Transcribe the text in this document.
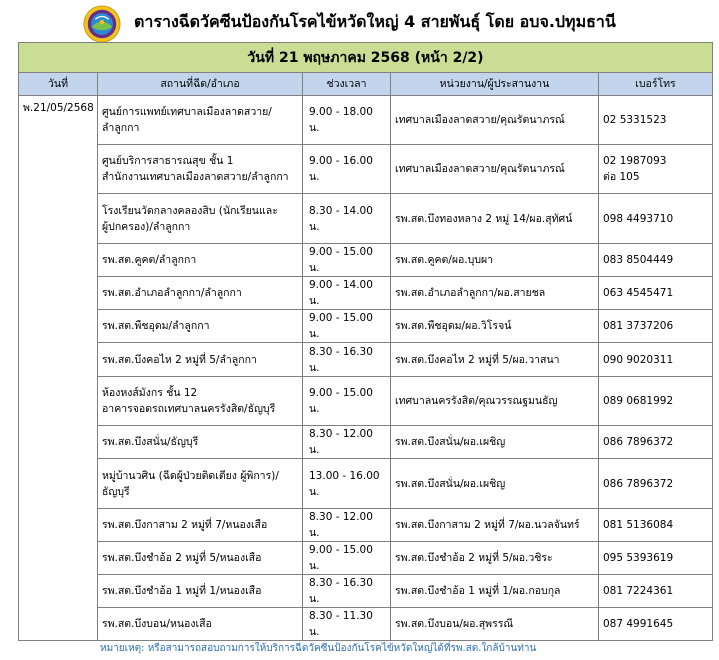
ตารางฉีดวัคซีนป้องกันโรคไข้หวัดใหญ่ 4 สายพันธุ์ โดย อบจ.ปทุมธานี
วันที่ 21 พฤษภาคม 2568 (หน้า 2/2)				
วันที่	สถานที่ฉีด/อำเภอ	ช่วงเวลา	หน่วยงาน/ผู้ประสานงาน	เบอร์โทร
พ.21/05/2568	ศูนย์การแพทย์เทศบาลเมืองลาดสวาย/
ลำลูกกา	9.00 - 18.00 น.	เทศบาลเมืองลาดสวาย/คุณรัตนาภรณ์	02 5331523
	ศูนย์บริการสาธารณสุข ชั้น 1
สำนักงานเทศบาลเมืองลาดสวาย/ลำลูกกา	9.00 - 16.00 น.	เทศบาลเมืองลาดสวาย/คุณรัตนาภรณ์	02 1987093
ต่อ 105
	โรงเรียนวัดกลางคลองสิบ (นักเรียนและ
ผู้ปกครอง)/ลำลูกกา	8.30 - 14.00 น.	รพ.สต.บึงทองหลาง 2 หมู่ 14/ผอ.สุทัศน์	098 4493710
	รพ.สต.คูคต/ลำลูกกา	9.00 - 15.00 น.	รพ.สต.คูคต/ผอ.บุบผา	083 8504449
	รพ.สต.อำเภอลำลูกกา/ลำลูกกา	9.00 - 14.00 น.	รพ.สต.อำเภอลำลูกกา/ผอ.สายชล	063 4545471
	รพ.สต.พืชอุดม/ลำลูกกา	9.00 - 15.00 น.	รพ.สต.พืชอุดม/ผอ.วิโรจน์	081 3737206
	รพ.สต.บึงคอไห 2 หมู่ที่ 5/ลำลูกกา	8.30 - 16.30 น.	รพ.สต.บึงคอไห 2 หมู่ที่ 5/ผอ.วาสนา	090 9020311
	ห้องหงส์มังกร ชั้น 12
อาคารจอดรถเทศบาลนครรังสิต/ธัญบุรี	9.00 - 15.00 น.	เทศบาลนครรังสิต/คุณวรรณฐมนธัญ	089 0681992
	รพ.สต.บึงสนั่น/ธัญบุรี	8.30 - 12.00 น.	รพ.สต.บึงสนั่น/ผอ.เผชิญ	086 7896372
	หมู่บ้านวศิน (ฉีดผู้ป่วยติดเตียง ผู้พิการ)/
ธัญบุรี	13.00 - 16.00 น.	รพ.สต.บึงสนั่น/ผอ.เผชิญ	086 7896372
	รพ.สต.บึงกาสาม 2 หมู่ที่ 7/หนองเสือ	8.30 - 12.00 น.	รพ.สต.บึงกาสาม 2 หมู่ที่ 7/ผอ.นวลจันทร์	081 5136084
	รพ.สต.บึงชำอ้อ 2 หมู่ที่ 5/หนองเสือ	9.00 - 15.00 น.	รพ.สต.บึงชำอ้อ 2 หมู่ที่ 5/ผอ.วชิระ	095 5393619
	รพ.สต.บึงชำอ้อ 1 หมู่ที่ 1/หนองเสือ	8.30 - 16.30 น.	รพ.สต.บึงชำอ้อ 1 หมู่ที่ 1/ผอ.กอบกุล	081 7224361
	รพ.สต.บึงบอน/หนองเสือ	8.30 - 11.30 น.	รพ.สต.บึงบอน/ผอ.สุพรรณี	087 4991645
หมายเหตุ: หรือสามารถสอบถามการให้บริการฉีดวัคซีนป้องกันโรคไข้หวัดใหญ่ได้ที่รพ.สต.ใกล้บ้านท่าน
